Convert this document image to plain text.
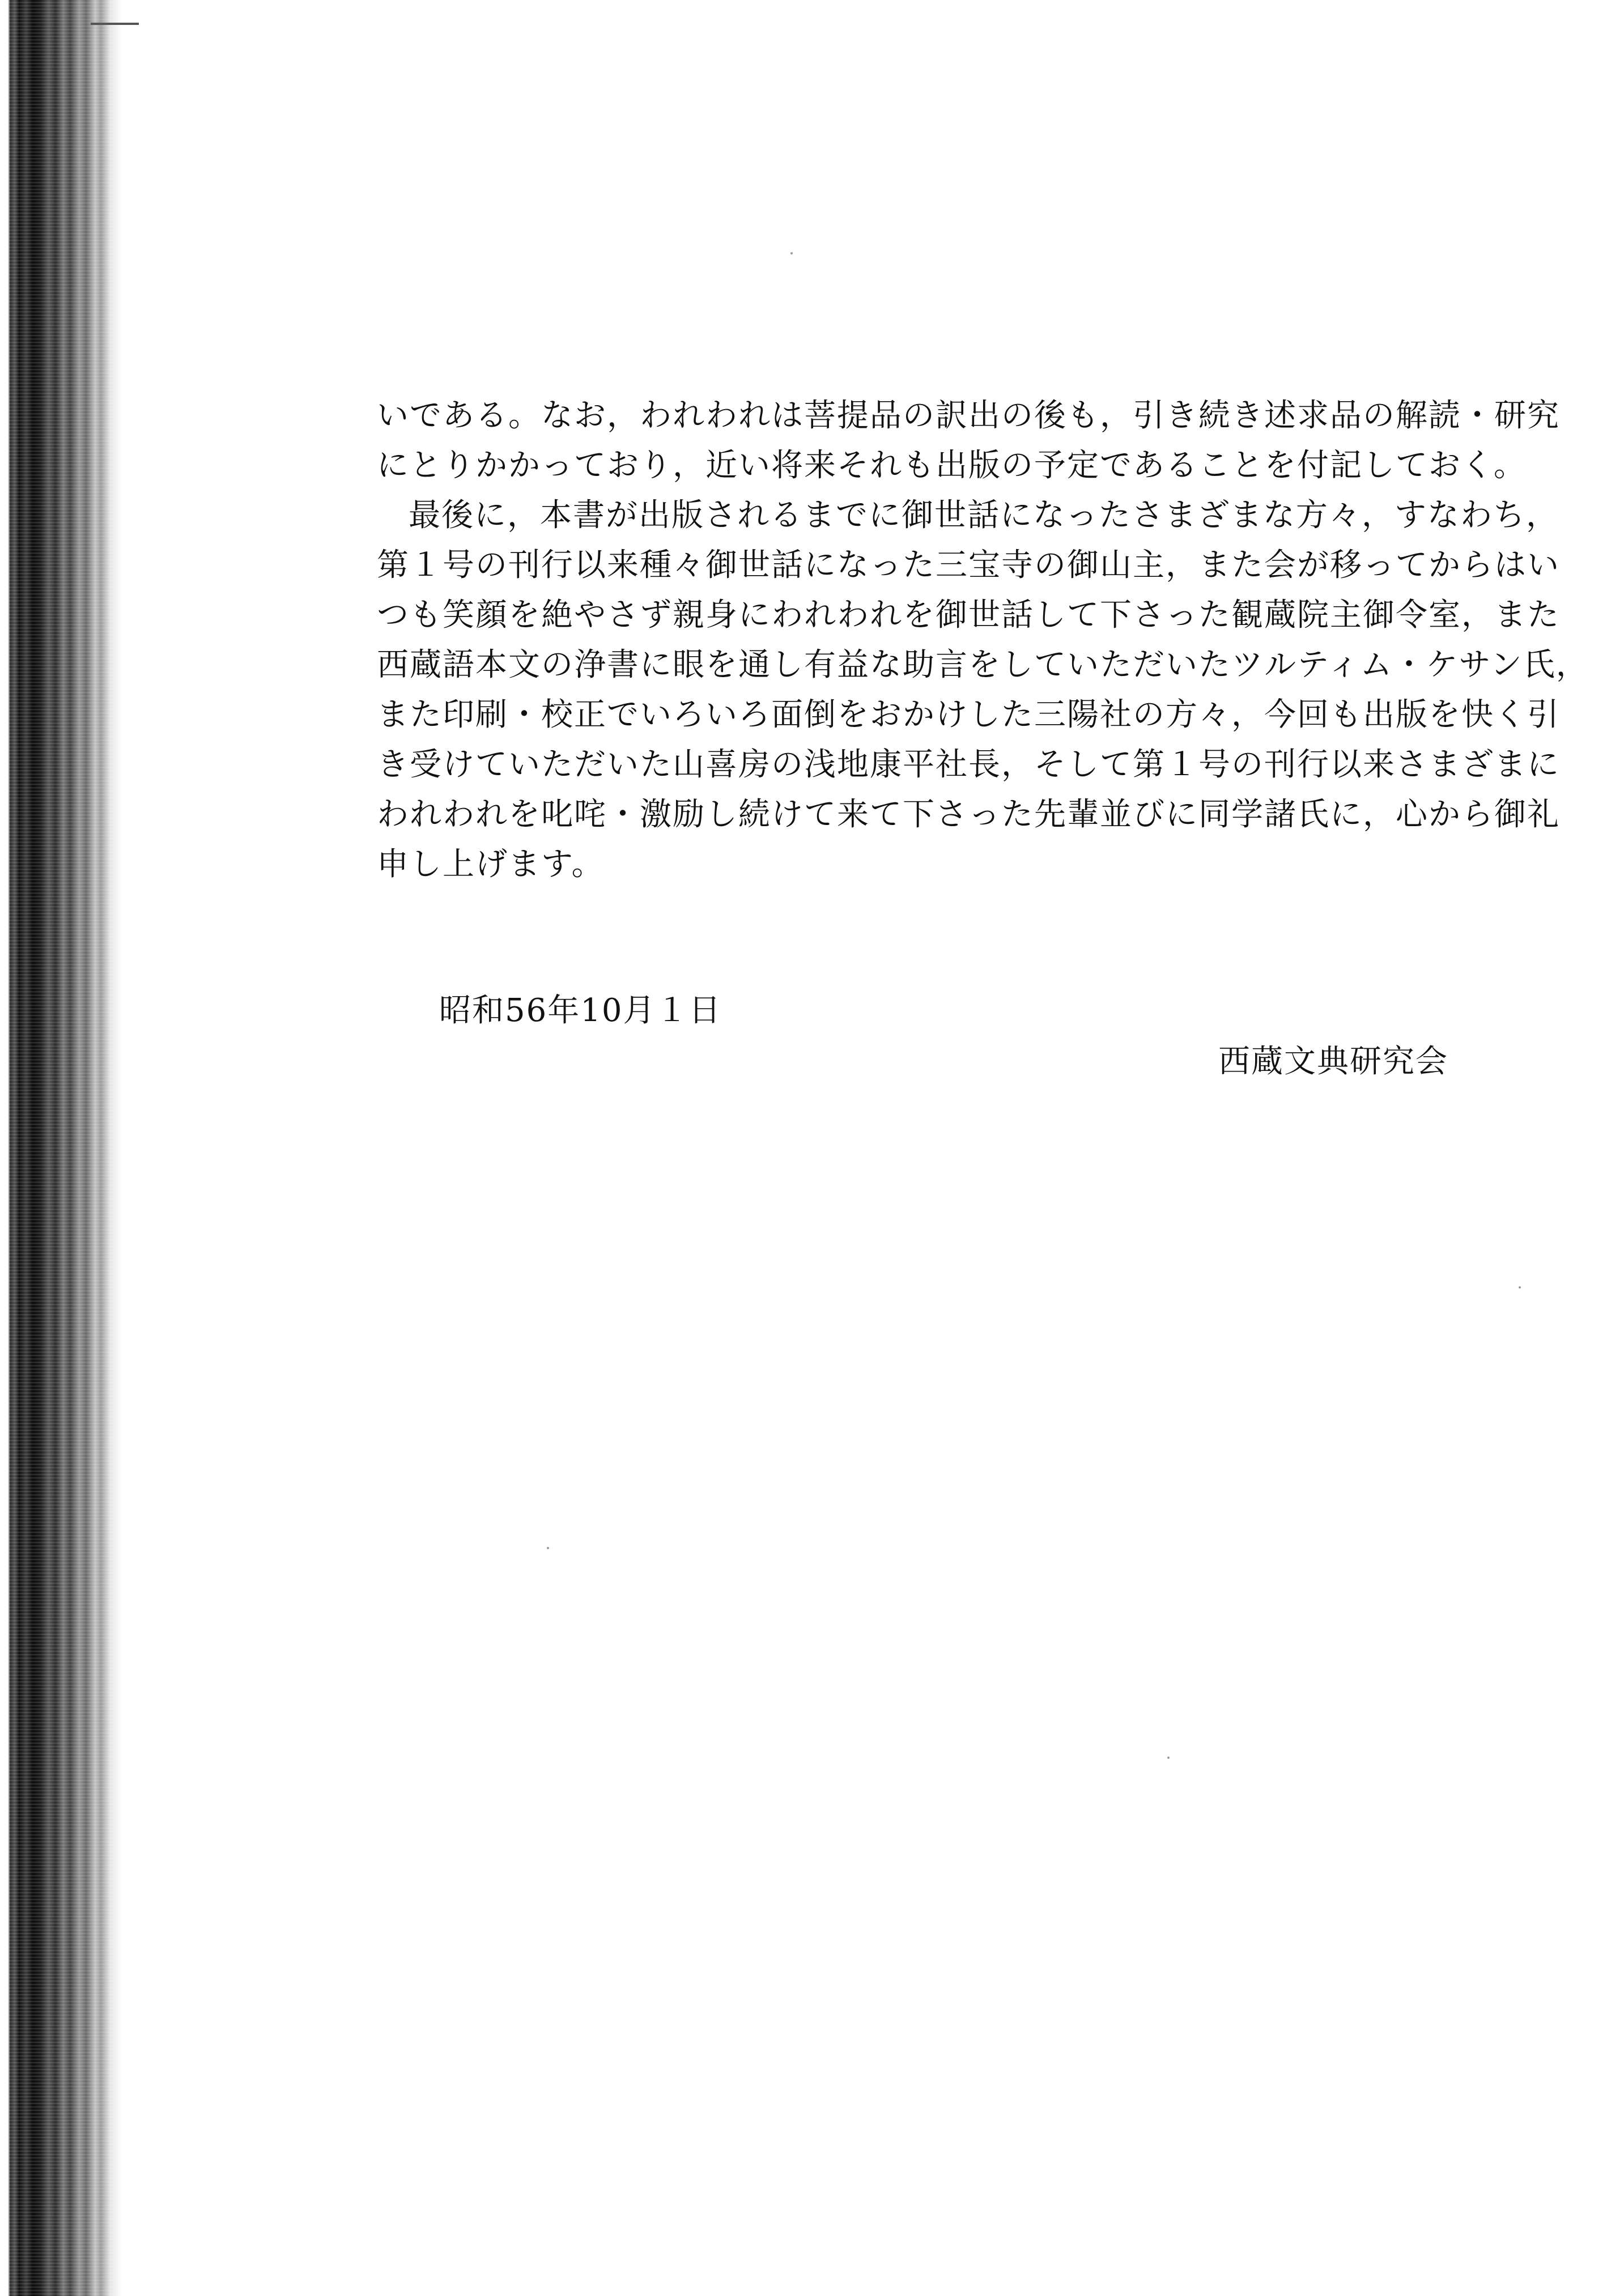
いである。なお，われわれは菩提品の訳出の後も，引き続き述求品の解読・研究
にとりかかっており，近い将来それも出版の予定であることを付記しておく。
最後に，本書が出版されるまでに御世話になったさまざまな方々，すなわち，
第１号の刊行以来種々御世話になった三宝寺の御山主，また会が移ってからはい
つも笑顔を絶やさず親身にわれわれを御世話して下さった観蔵院主御令室，また
西蔵語本文の浄書に眼を通し有益な助言をしていただいたツルティム・ケサン氏，
また印刷・校正でいろいろ面倒をおかけした三陽社の方々，今回も出版を快く引
き受けていただいた山喜房の浅地康平社長，そして第１号の刊行以来さまざまに
われわれを叱咤・激励し続けて来て下さった先輩並びに同学諸氏に，心から御礼
申し上げます。
昭和56年10月１日
西蔵文典研究会
